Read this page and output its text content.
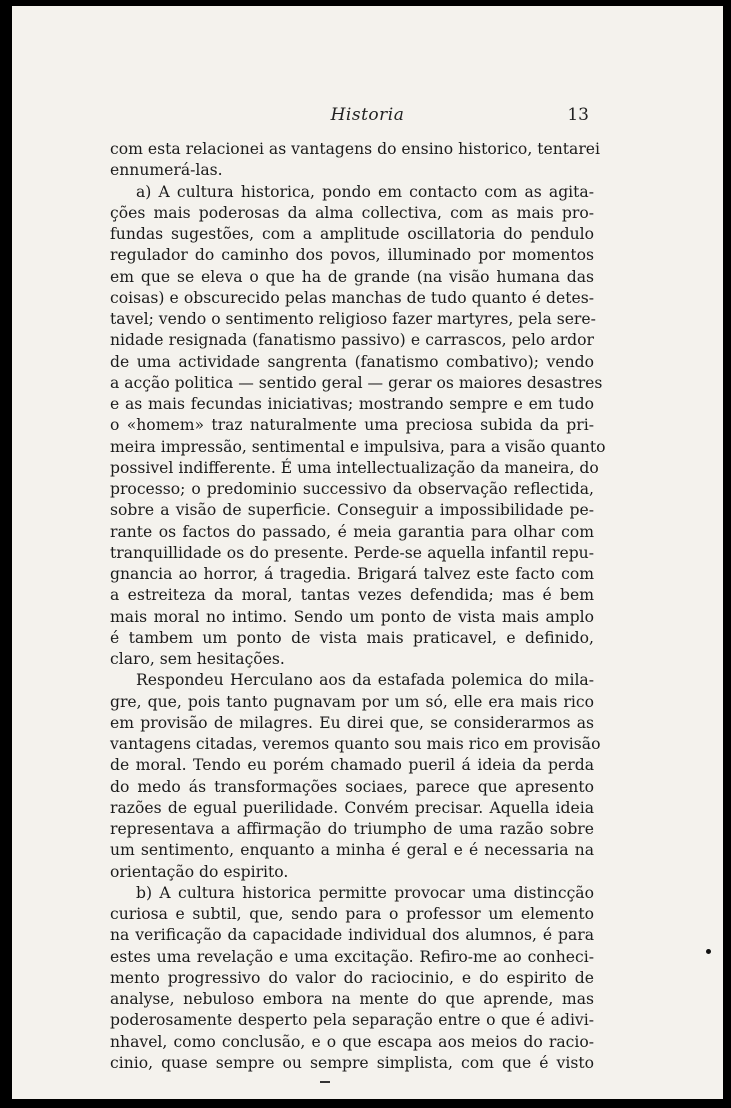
Historia	13
com esta relacionei as vantagens do ensino historico, tentarei
ennumerá-las.
a) A cultura historica, pondo em contacto com as agita-
ções mais poderosas da alma collectiva, com as mais pro-
fundas sugestões, com a amplitude oscillatoria do pendulo
regulador do caminho dos povos, illuminado por momentos
em que se eleva o que ha de grande (na visão humana das
coisas) e obscurecido pelas manchas de tudo quanto é detes-
tavel; vendo o sentimento religioso fazer martyres, pela sere-
nidade resignada (fanatismo passivo) e carrascos, pelo ardor
de uma actividade sangrenta (fanatismo combativo); vendo
a acção politica — sentido geral — gerar os maiores desastres
e as mais fecundas iniciativas; mostrando sempre e em tudo
o «homem» traz naturalmente uma preciosa subida da pri-
meira impressão, sentimental e impulsiva, para a visão quanto
possivel indifferente. É uma intellectualização da maneira, do
processo; o predominio successivo da observação reflectida,
sobre a visão de superficie. Conseguir a impossibilidade pe-
rante os factos do passado, é meia garantia para olhar com
tranquillidade os do presente. Perde-se aquella infantil repu-
gnancia ao horror, á tragedia. Brigará talvez este facto com
a estreiteza da moral, tantas vezes defendida; mas é bem
mais moral no intimo. Sendo um ponto de vista mais amplo
é tambem um ponto de vista mais praticavel, e definido,
claro, sem hesitações.
Respondeu Herculano aos da estafada polemica do mila-
gre, que, pois tanto pugnavam por um só, elle era mais rico
em provisão de milagres. Eu direi que, se considerarmos as
vantagens citadas, veremos quanto sou mais rico em provisão
de moral. Tendo eu porém chamado pueril á ideia da perda
do medo ás transformações sociaes, parece que apresento
razões de egual puerilidade. Convém precisar. Aquella ideia
representava a affirmação do triumpho de uma razão sobre
um sentimento, enquanto a minha é geral e é necessaria na
orientação do espirito.
b) A cultura historica permitte provocar uma distincção
curiosa e subtil, que, sendo para o professor um elemento
na verificação da capacidade individual dos alumnos, é para
estes uma revelação e uma excitação. Refiro-me ao conheci-
mento progressivo do valor do raciocinio, e do espirito de
analyse, nebuloso embora na mente do que aprende, mas
poderosamente desperto pela separação entre o que é adivi-
nhavel, como conclusão, e o que escapa aos meios do racio-
cinio, quase sempre ou sempre simplista, com que é visto
